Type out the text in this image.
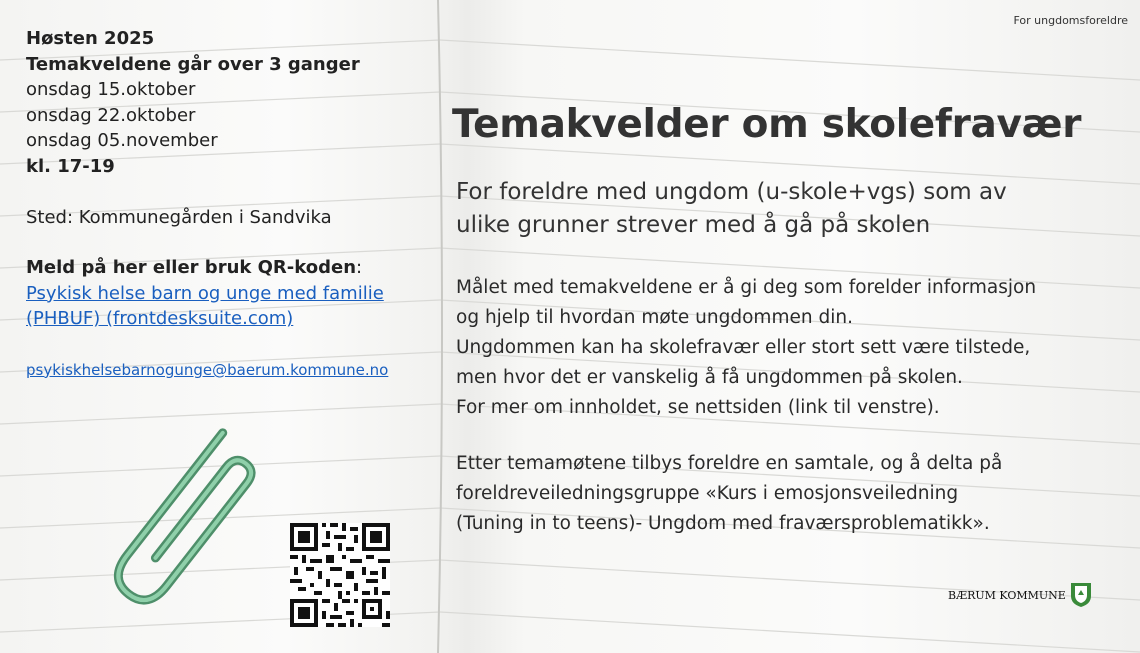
For ungdomsforeldre
Høsten 2025
Temakveldene går over 3 ganger
onsdag 15.oktober
onsdag 22.oktober
onsdag 05.november
kl. 17-19
Sted: Kommunegården i Sandvika
Meld på her eller bruk QR-koden:
Psykisk helse barn og unge med familie
(PHBUF) (frontdesksuite.com)
psykiskhelsebarnogunge@baerum.kommune.no
Temakvelder om skolefravær
For foreldre med ungdom (u-skole+vgs) som av
ulike grunner strever med å gå på skolen
Målet med temakveldene er å gi deg som forelder informasjon
og hjelp til hvordan møte ungdommen din.
Ungdommen kan ha skolefravær eller stort sett være tilstede,
men hvor det er vanskelig å få ungdommen på skolen.
For mer om innholdet, se nettsiden (link til venstre).
Etter temamøtene tilbys foreldre en samtale, og å delta på
foreldreveiledningsgruppe «Kurs i emosjonsveiledning
(Tuning in to teens)- Ungdom med fraværsproblematikk».
BÆRUM KOMMUNE
